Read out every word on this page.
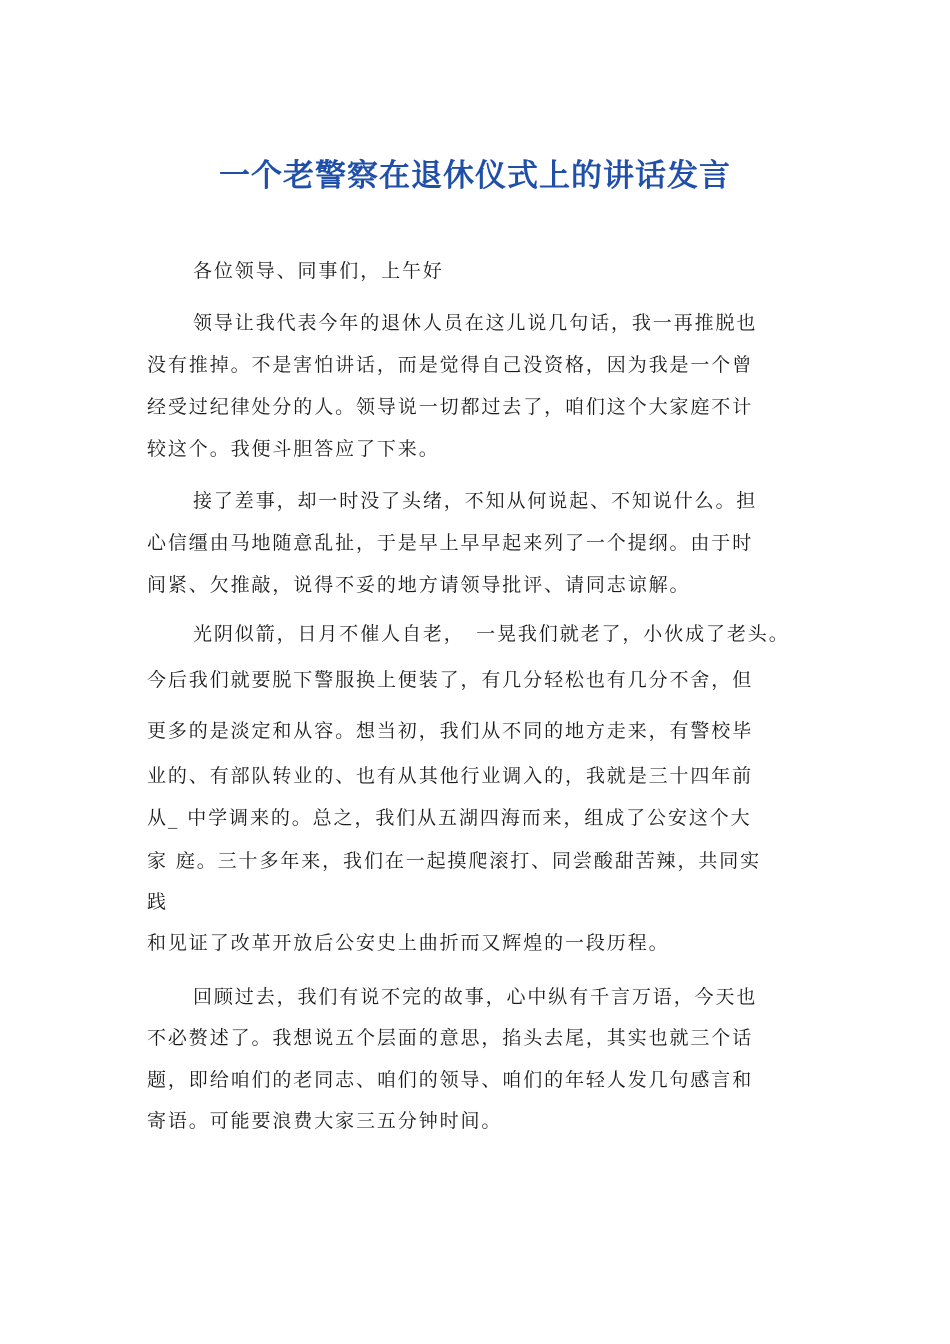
一个老警察在退休仪式上的讲话发言

各位领导、同事们，上午好

领导让我代表今年的退休人员在这儿说几句话，我一再推脱也

没有推掉。不是害怕讲话，而是觉得自己没资格，因为我是一个曾

经受过纪律处分的人。领导说一切都过去了，咱们这个大家庭不计

较这个。我便斗胆答应了下来。

接了差事，却一时没了头绪，不知从何说起、不知说什么。担

心信缰由马地随意乱扯，于是早上早早起来列了一个提纲。由于时

间紧、欠推敲，说得不妥的地方请领导批评、请同志谅解。

光阴似箭，日月不催人自老，　一晃我们就老了，小伙成了老头。

今后我们就要脱下警服换上便装了，有几分轻松也有几分不舍，但

更多的是淡定和从容。想当初，我们从不同的地方走来，有警校毕

业的、有部队转业的、也有从其他行业调入的，我就是三十四年前

从_ 中学调来的。总之，我们从五湖四海而来，组成了公安这个大

家 庭。三十多年来，我们在一起摸爬滚打、同尝酸甜苦辣，共同实

践

和见证了改革开放后公安史上曲折而又辉煌的一段历程。

回顾过去，我们有说不完的故事，心中纵有千言万语，今天也

不必赘述了。我想说五个层面的意思，掐头去尾，其实也就三个话

题，即给咱们的老同志、咱们的领导、咱们的年轻人发几句感言和

寄语。可能要浪费大家三五分钟时间。
